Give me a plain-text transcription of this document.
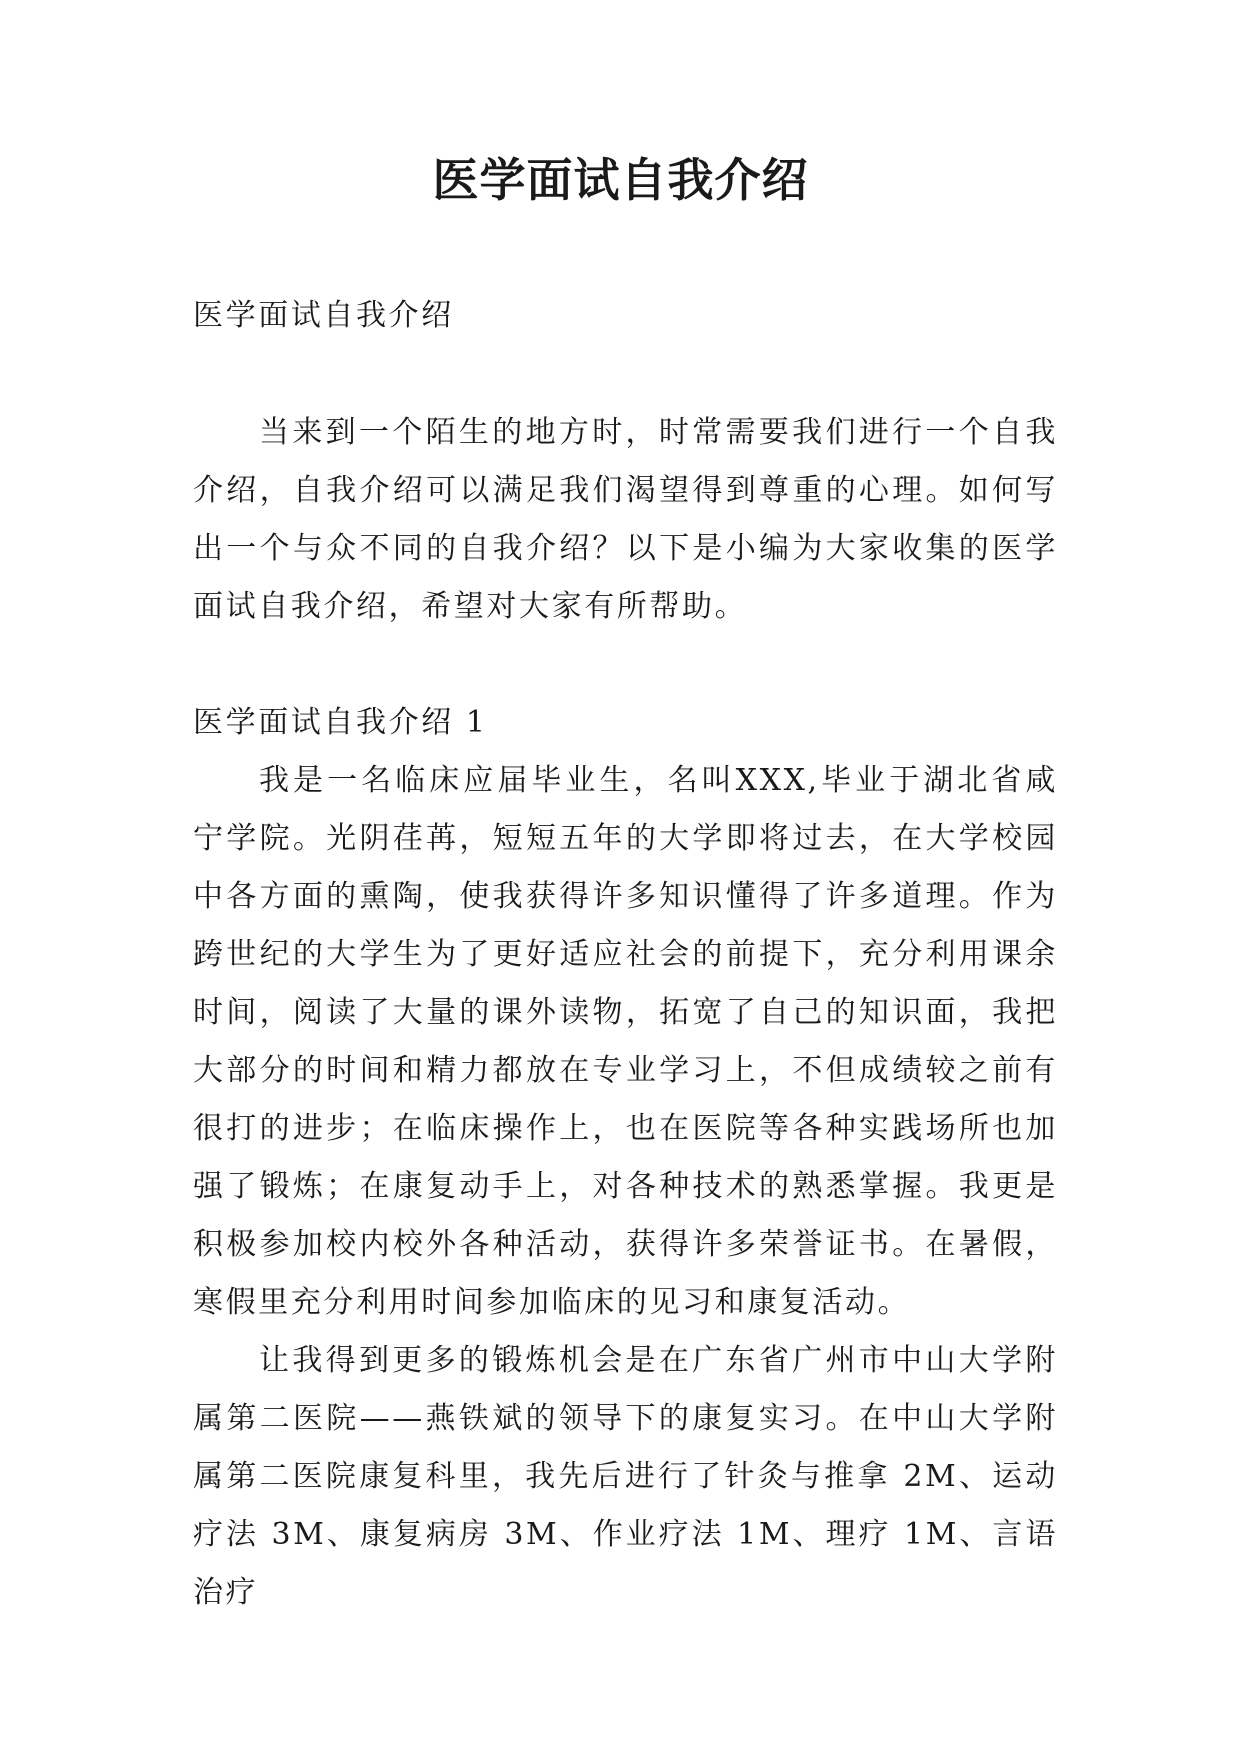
医学面试自我介绍

医学面试自我介绍

当来到一个陌生的地方时，时常需要我们进行一个自我介绍，自我介绍可以满足我们渴望得到尊重的心理。如何写出一个与众不同的自我介绍？以下是小编为大家收集的医学面试自我介绍，希望对大家有所帮助。

医学面试自我介绍 1

我是一名临床应届毕业生，名叫XXX,毕业于湖北省咸宁学院。光阴荏苒，短短五年的大学即将过去，在大学校园中各方面的熏陶，使我获得许多知识懂得了许多道理。作为跨世纪的大学生为了更好适应社会的前提下，充分利用课余时间，阅读了大量的课外读物，拓宽了自己的知识面，我把大部分的时间和精力都放在专业学习上，不但成绩较之前有很打的进步；在临床操作上，也在医院等各种实践场所也加强了锻炼；在康复动手上，对各种技术的熟悉掌握。我更是积极参加校内校外各种活动，获得许多荣誉证书。在暑假，寒假里充分利用时间参加临床的见习和康复活动。

让我得到更多的锻炼机会是在广东省广州市中山大学附属第二医院——燕铁斌的领导下的康复实习。在中山大学附属第二医院康复科里，我先后进行了针灸与推拿 2M、运动疗法 3M、康复病房 3M、作业疗法 1M、理疗 1M、言语治疗
